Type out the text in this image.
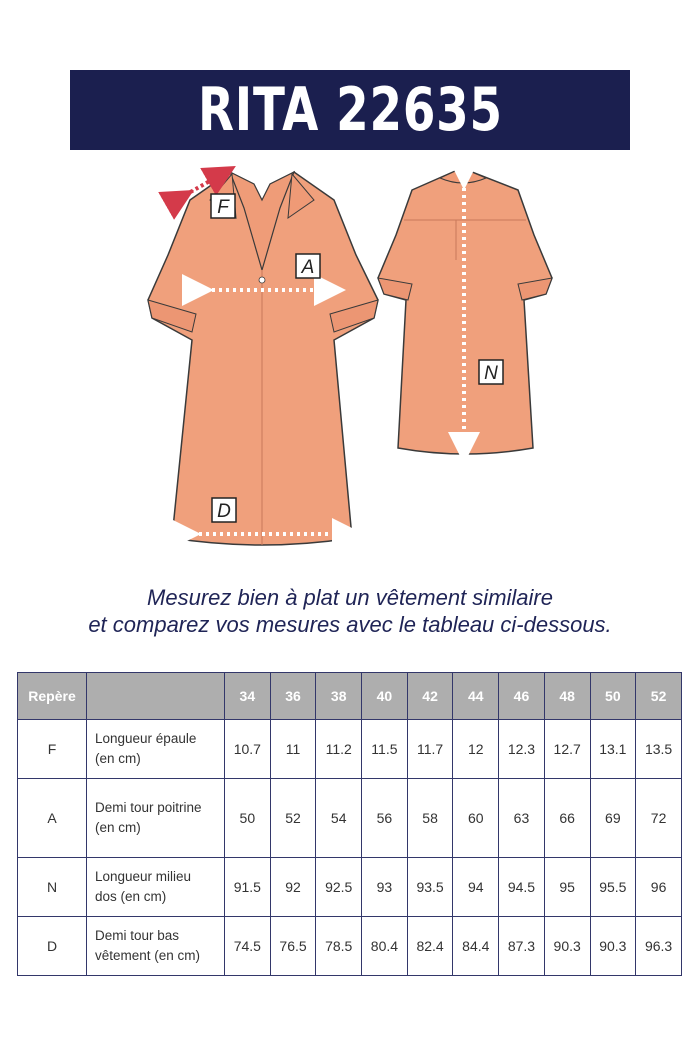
RITA 22635
F
A
D
N
Mesurez bien à plat un vêtement similaire
et comparez vos mesures avec le tableau ci-dessous.
Repère		34	36	38	40	42	44	46	48	50	52
F	Longueur épaule
(en cm)	10.7	11	11.2	11.5	11.7	12	12.3	12.7	13.1	13.5
A	Demi tour poitrine
(en cm)	50	52	54	56	58	60	63	66	69	72
N	Longueur milieu
dos (en cm)	91.5	92	92.5	93	93.5	94	94.5	95	95.5	96
D	Demi tour bas
vêtement (en cm)	74.5	76.5	78.5	80.4	82.4	84.4	87.3	90.3	90.3	96.3
